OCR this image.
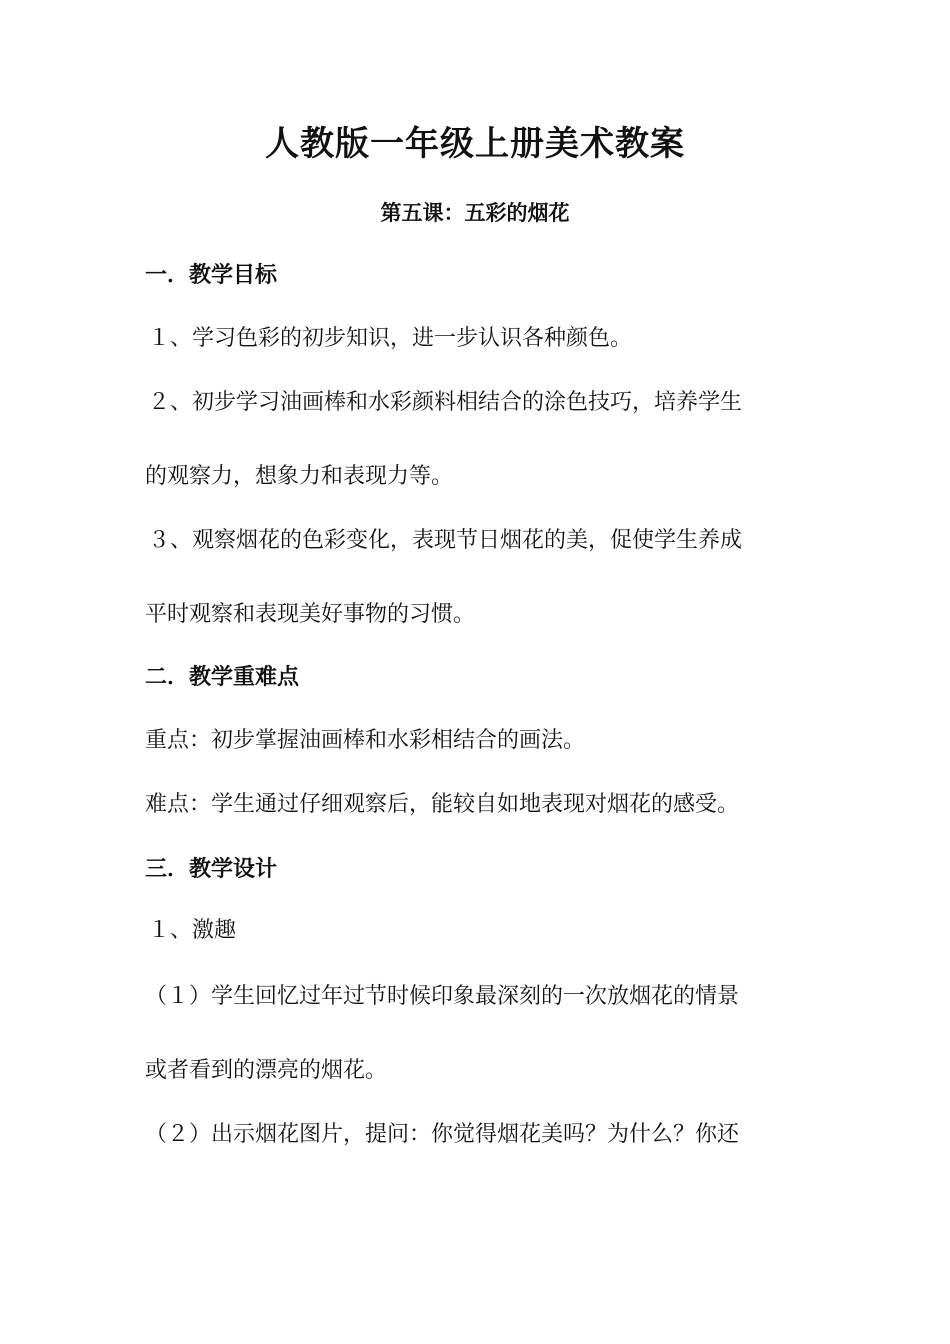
人教版一年级上册美术教案
第五课：五彩的烟花
一．教学目标
１、学习色彩的初步知识，进一步认识各种颜色。
２、初步学习油画棒和水彩颜料相结合的涂色技巧，培养学生
的观察力，想象力和表现力等。
３、观察烟花的色彩变化，表现节日烟花的美，促使学生养成
平时观察和表现美好事物的习惯。
二．教学重难点
重点：初步掌握油画棒和水彩相结合的画法。
难点：学生通过仔细观察后，能较自如地表现对烟花的感受。
三．教学设计
１、激趣
（１）学生回忆过年过节时候印象最深刻的一次放烟花的情景
或者看到的漂亮的烟花。
（２）出示烟花图片，提问：你觉得烟花美吗？为什么？你还
